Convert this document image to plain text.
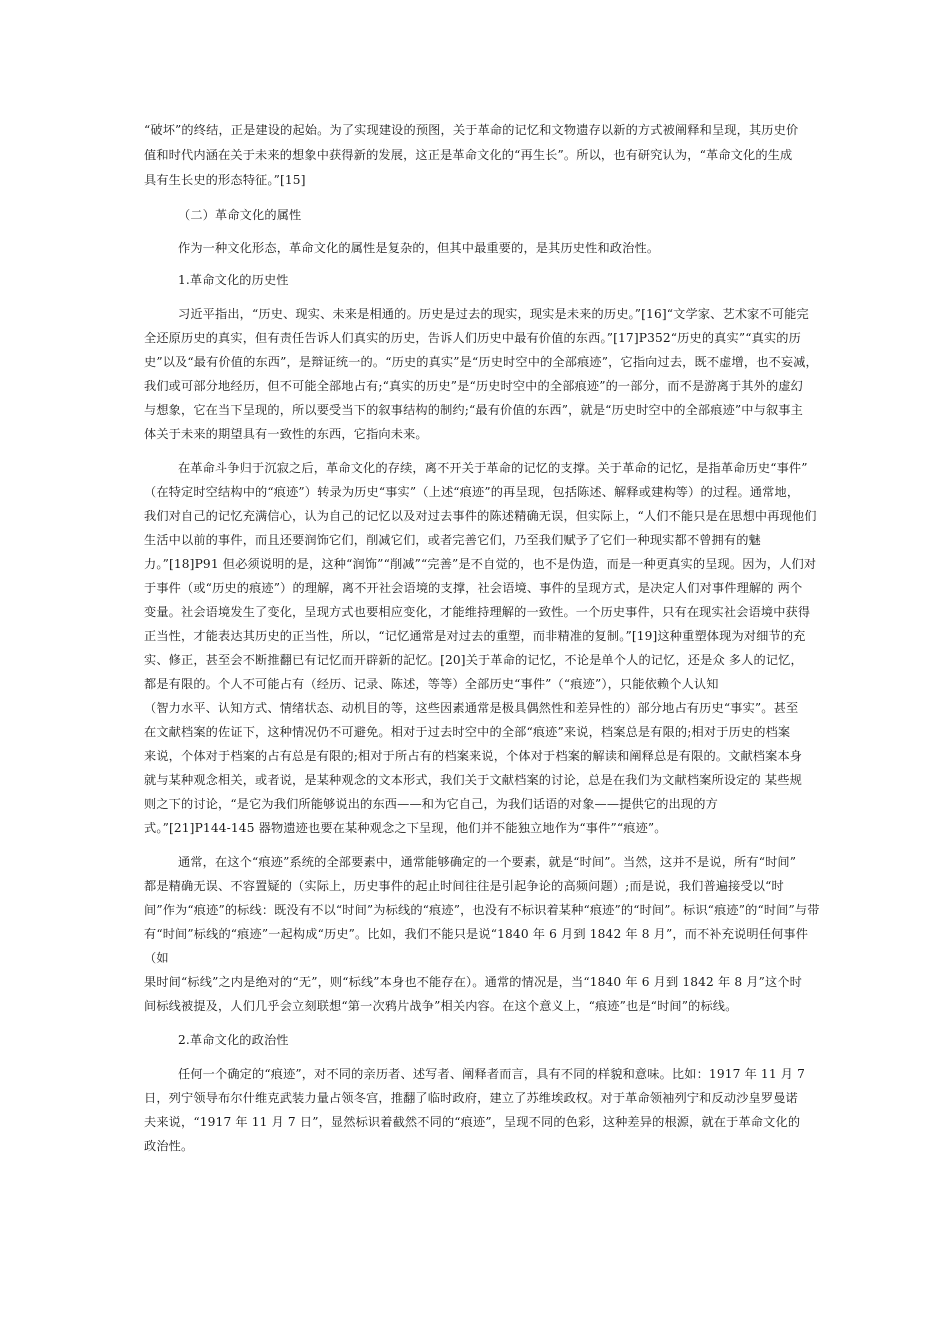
“破坏”的终结，正是建设的起始。为了实现建设的预图，关于革命的记忆和文物遗存以新的方式被阐释和呈现，其历史价
值和时代内涵在关于未来的想象中获得新的发展，这正是革命文化的“再生长”。所以，也有研究认为，“革命文化的生成
具有生长史的形态特征。”[15]
（二）革命文化的属性
作为一种文化形态，革命文化的属性是复杂的，但其中最重要的，是其历史性和政治性。
1.革命文化的历史性
习近平指出，“历史、现实、未来是相通的。历史是过去的现实，现实是未来的历史。”[16]“文学家、艺术家不可能完
全还原历史的真实，但有责任告诉人们真实的历史，告诉人们历史中最有价值的东西。”[17]P352“历史的真实”“真实的历
史”以及“最有价值的东西”，是辩证统一的。“历史的真实”是“历史时空中的全部痕迹”，它指向过去，既不虚增，也不妄减，
我们或可部分地经历，但不可能全部地占有;“真实的历史”是“历史时空中的全部痕迹”的一部分，而不是游离于其外的虚幻
与想象，它在当下呈现的，所以要受当下的叙事结构的制约;“最有价值的东西”，就是“历史时空中的全部痕迹”中与叙事主
体关于未来的期望具有一致性的东西，它指向未来。
在革命斗争归于沉寂之后，革命文化的存续，离不开关于革命的记忆的支撑。关于革命的记忆，是指革命历史“事件”
（在特定时空结构中的“痕迹”）转录为历史“事实”（上述“痕迹”的再呈现，包括陈述、解释或建构等）的过程。通常地，
我们对自己的记忆充满信心，认为自己的记忆以及对过去事件的陈述精确无误，但实际上，“人们不能只是在思想中再现他们
生活中以前的事件，而且还要润饰它们，削减它们，或者完善它们，乃至我们赋予了它们一种现实都不曾拥有的魅
力。”[18]P91 但必须说明的是，这种“润饰”“削减”“完善”是不自觉的，也不是伪造，而是一种更真实的呈现。因为，人们对
于事件（或“历史的痕迹”）的理解，离不开社会语境的支撑，社会语境、事件的呈现方式，是决定人们对事件理解的 两个
变量。社会语境发生了变化，呈现方式也要相应变化，才能维持理解的一致性。一个历史事件，只有在现实社会语境中获得
正当性，才能表达其历史的正当性，所以，“记忆通常是对过去的重塑，而非精准的复制。”[19]这种重塑体现为对细节的充
实、修正，甚至会不断推翻已有记忆而开辟新的記忆。[20]关于革命的记忆，不论是单个人的记忆，还是众 多人的记忆，
都是有限的。个人不可能占有（经历、记录、陈述，等等）全部历史“事件”（“痕迹”），只能依赖个人认知
（智力水平、认知方式、情绪状态、动机目的等，这些因素通常是极具偶然性和差异性的）部分地占有历史“事实”。甚至
在文献档案的佐证下，这种情况仍不可避免。相对于过去时空中的全部“痕迹”来说，档案总是有限的;相对于历史的档案
来说，个体对于档案的占有总是有限的;相对于所占有的档案来说，个体对于档案的解读和阐释总是有限的。文献档案本身
就与某种观念相关，或者说，是某种观念的文本形式，我们关于文献档案的讨论，总是在我们为文献档案所设定的 某些规
则之下的讨论，“是它为我们所能够说出的东西——和为它自己，为我们话语的对象——提供它的出现的方
式。”[21]P144-145 器物遗迹也要在某种观念之下呈现，他们并不能独立地作为“事件”“痕迹”。
通常，在这个“痕迹”系统的全部要素中，通常能够确定的一个要素，就是“时间”。当然，这并不是说，所有“时间”
都是精确无误、不容置疑的（实际上，历史事件的起止时间往往是引起争论的高频问题）;而是说，我们普遍接受以“时
间”作为“痕迹”的标线：既没有不以“时间”为标线的“痕迹”，也没有不标识着某种“痕迹”的“时间”。标识“痕迹”的“时间”与带
有“时间”标线的“痕迹”一起构成“历史”。比如，我们不能只是说“1840 年 6 月到 1842 年 8 月”，而不补充说明任何事件
（如
果时间“标线”之内是绝对的“无”，则“标线”本身也不能存在）。通常的情况是，当“1840 年 6 月到 1842 年 8 月”这个时
间标线被提及，人们几乎会立刻联想“第一次鸦片战争”相关内容。在这个意义上，“痕迹”也是“时间”的标线。
2.革命文化的政治性
任何一个确定的“痕迹”，对不同的亲历者、述写者、阐释者而言，具有不同的样貌和意味。比如：1917 年 11 月 7
日，列宁领导布尔什维克武装力量占领冬宫，推翻了临时政府，建立了苏维埃政权。对于革命领袖列宁和反动沙皇罗曼诺
夫来说，“1917 年 11 月 7 日”，显然标识着截然不同的“痕迹”，呈现不同的色彩，这种差异的根源，就在于革命文化的
政治性。
